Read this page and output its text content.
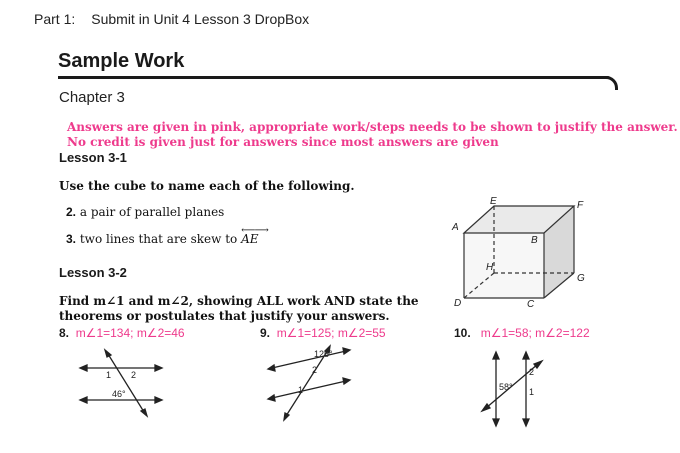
Part 1: Submit in Unit 4 Lesson 3 DropBox
Sample Work
Chapter 3
Answers are given in pink, appropriate work/steps needs to be shown to justify the answer.
No credit is given just for answers since most answers are given
Lesson 3-1
Use the cube to name each of the following.
2. a pair of parallel planes
3. two lines that are skew to
⟵⟶
AE
A
E	F
B
H
G
D	C
Lesson 3-2
Find m∠1 and m∠2, showing ALL work AND state the
theorems or postulates that justify your answers.
8. m∠1=134; m∠2=46	9. m∠1=125; m∠2=55	10. m∠1=58; m∠2=122
1 2
46°
125°
2
1	58°
2
1
